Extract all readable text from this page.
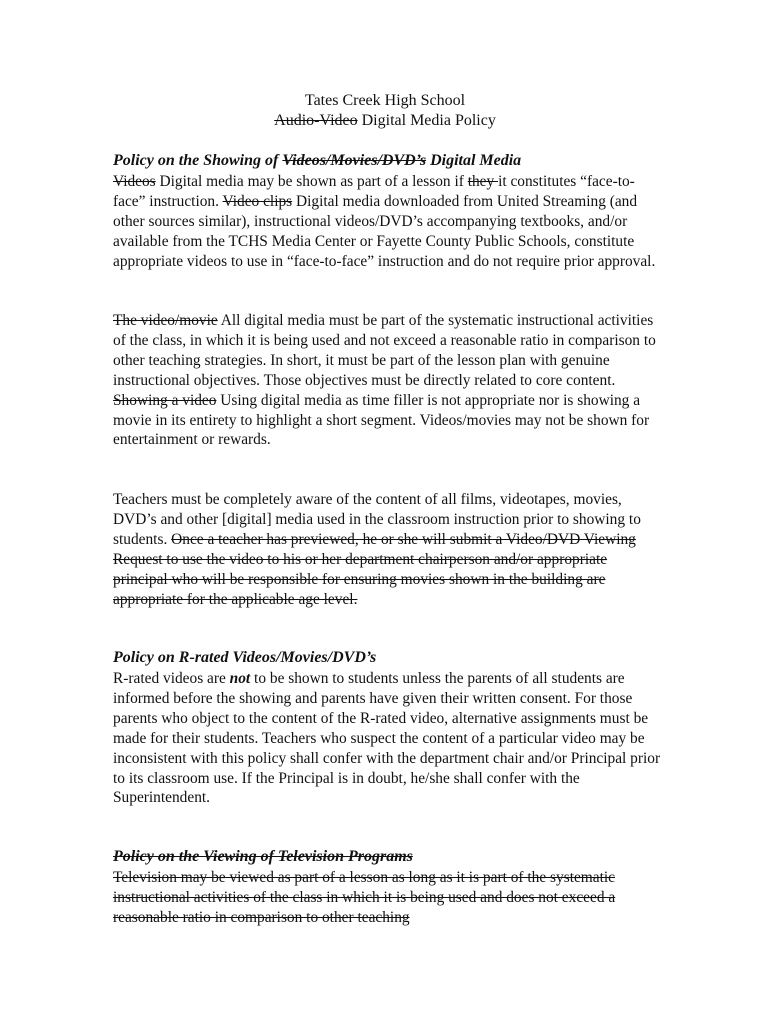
Tates Creek High School
Audio-Video Digital Media Policy
Policy on the Showing of Videos/Movies/DVD’s Digital Media
Videos Digital media may be shown as part of a lesson if they it constitutes “face-to-face” instruction. Video clips Digital media downloaded from United Streaming (and other sources similar), instructional videos/DVD’s accompanying textbooks, and/or available from the TCHS Media Center or Fayette County Public Schools, constitute appropriate videos to use in “face-to-face” instruction and do not require prior approval.
The video/movie All digital media must be part of the systematic instructional activities of the class, in which it is being used and not exceed a reasonable ratio in comparison to other teaching strategies. In short, it must be part of the lesson plan with genuine instructional objectives. Those objectives must be directly related to core content. Showing a video Using digital media as time filler is not appropriate nor is showing a movie in its entirety to highlight a short segment. Videos/movies may not be shown for entertainment or rewards.
Teachers must be completely aware of the content of all films, videotapes, movies, DVD’s and other [digital] media used in the classroom instruction prior to showing to students. Once a teacher has previewed, he or she will submit a Video/DVD Viewing Request to use the video to his or her department chairperson and/or appropriate principal who will be responsible for ensuring movies shown in the building are appropriate for the applicable age level.
Policy on R-rated Videos/Movies/DVD’s
R-rated videos are not to be shown to students unless the parents of all students are informed before the showing and parents have given their written consent. For those parents who object to the content of the R-rated video, alternative assignments must be made for their students. Teachers who suspect the content of a particular video may be inconsistent with this policy shall confer with the department chair and/or Principal prior to its classroom use. If the Principal is in doubt, he/she shall confer with the Superintendent.
Policy on the Viewing of Television Programs
Television may be viewed as part of a lesson as long as it is part of the systematic instructional activities of the class in which it is being used and does not exceed a reasonable ratio in comparison to other teaching
